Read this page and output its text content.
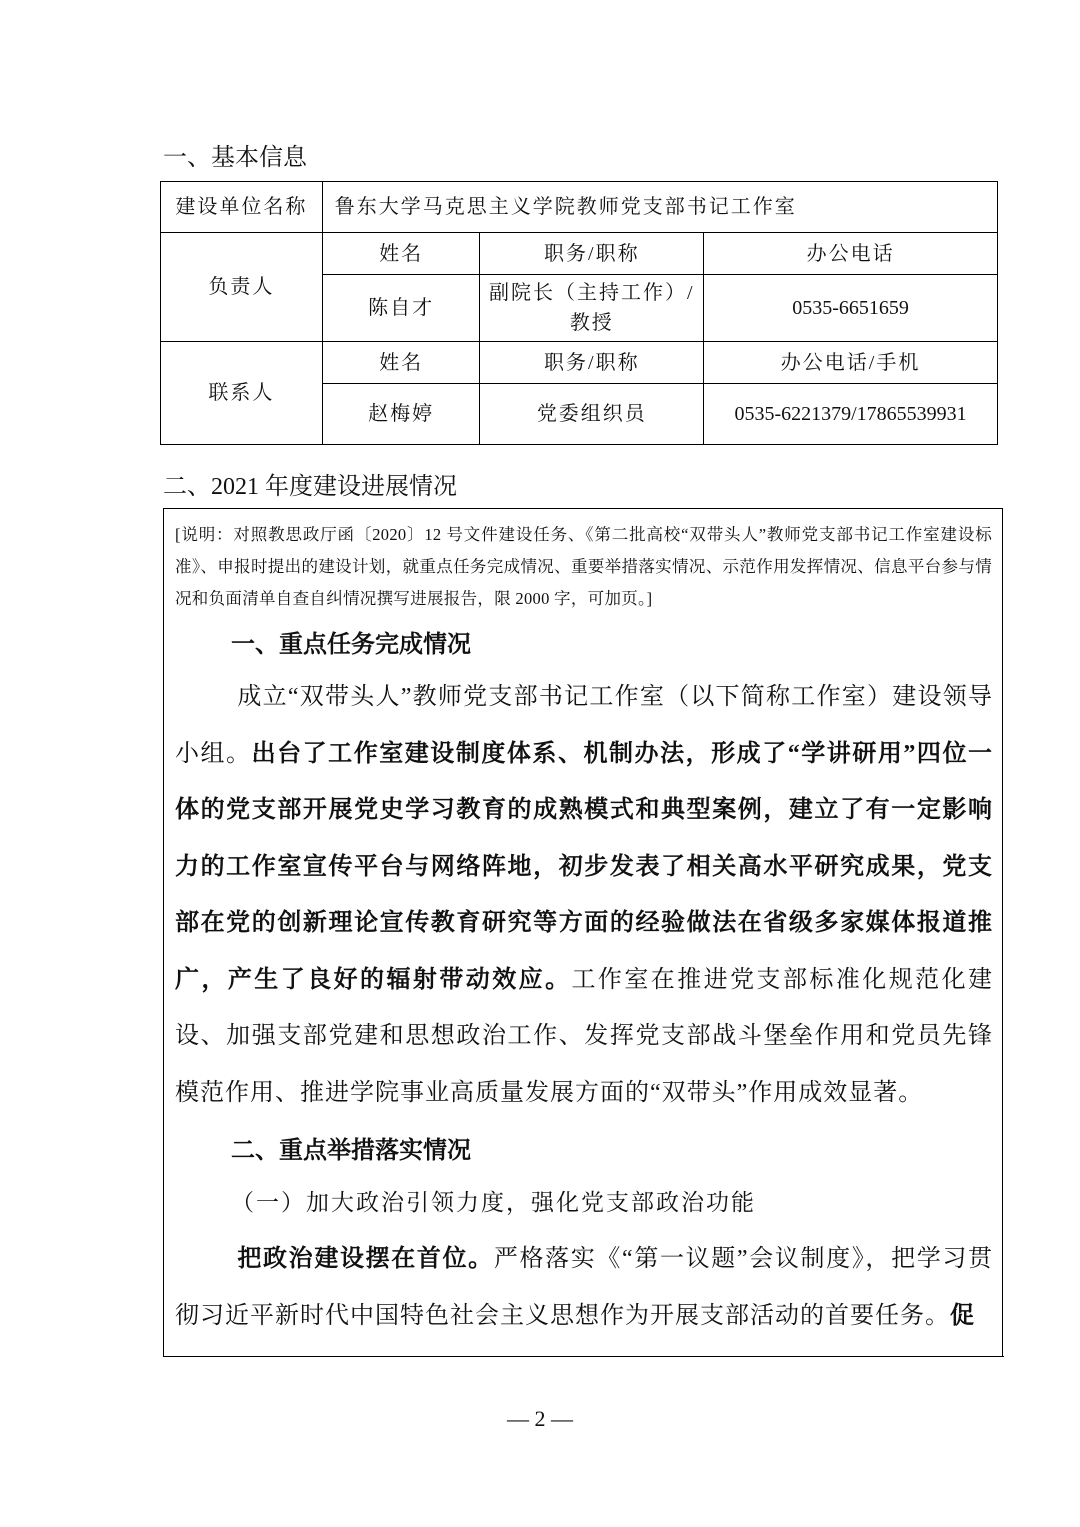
一、基本信息
建设单位名称	鲁东大学马克思主义学院教师党支部书记工作室		
负责人	姓名	职务/职称	办公电话
	陈自才	副院长（主持工作）/教授	0535-6651659
联系人	姓名	职务/职称	办公电话/手机
	赵梅婷	党委组织员	0535-6221379/17865539931
二、2021 年度建设进展情况
[说明：对照教思政厅函〔2020〕12 号文件建设任务、《第二批高校“双带头人”教师党支部书记工作室建设标准》、申报时提出的建设计划，就重点任务完成情况、重要举措落实情况、示范作用发挥情况、信息平台参与情况和负面清单自查自纠情况撰写进展报告，限 2000 字，可加页。]
一、重点任务完成情况

成立“双带头人”教师党支部书记工作室（以下简称工作室）建设领导小组。出台了工作室建设制度体系、机制办法，形成了“学讲研用”四位一体的党支部开展党史学习教育的成熟模式和典型案例，建立了有一定影响力的工作室宣传平台与网络阵地，初步发表了相关高水平研究成果，党支部在党的创新理论宣传教育研究等方面的经验做法在省级多家媒体报道推广，产生了良好的辐射带动效应。工作室在推进党支部标准化规范化建设、加强支部党建和思想政治工作、发挥党支部战斗堡垒作用和党员先锋模范作用、推进学院事业高质量发展方面的“双带头”作用成效显著。

二、重点举措落实情况
（一）加大政治引领力度，强化党支部政治功能

把政治建设摆在首位。严格落实《“第一议题”会议制度》，把学习贯彻习近平新时代中国特色社会主义思想作为开展支部活动的首要任务。促

— 2 —
